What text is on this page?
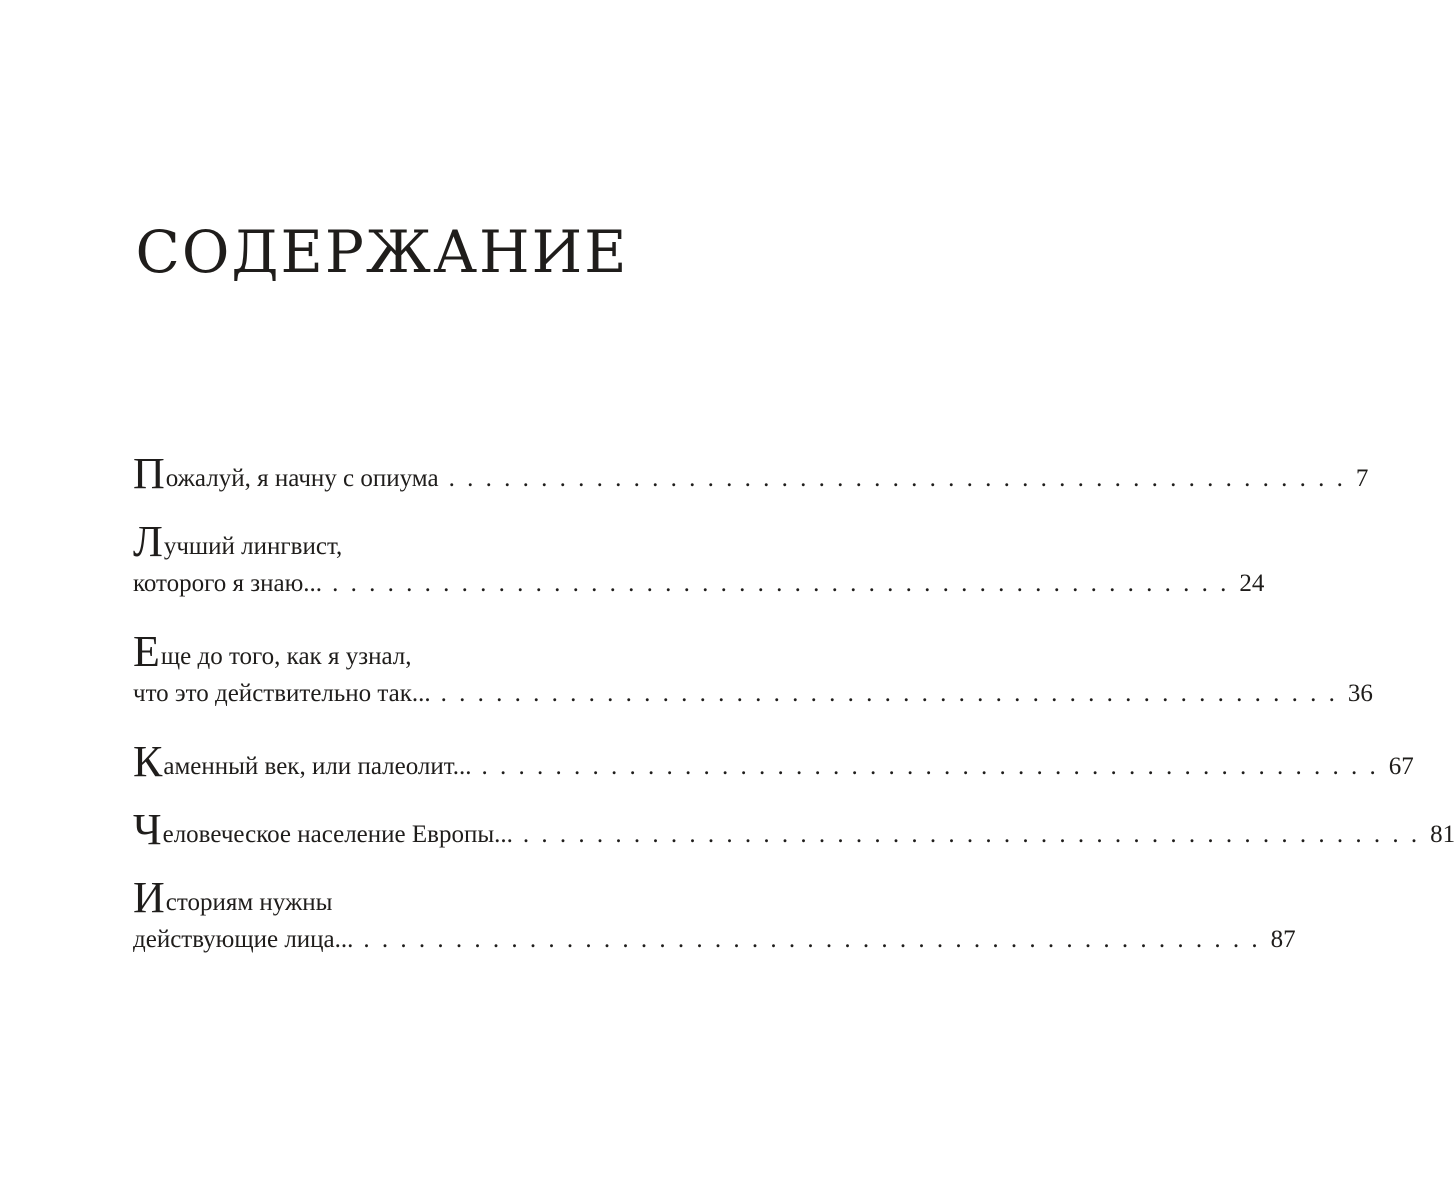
СОДЕРЖАНИЕ
Пожалуй, я начну с опиума . . . . . . . . . . . . . . . . . . . . . . . . . . . . . . . . . . . . . . . . . . . . . . . . . 7
Лучший лингвист,
которого я знаю... . . . . . . . . . . . . . . . . . . . . . . . . . . . . . . . . . . . . . . . . . . . . . . . . . 24
Еще до того, как я узнал,
что это действительно так... . . . . . . . . . . . . . . . . . . . . . . . . . . . . . . . . . . . . . . . . . . . . . . . . . 36
Каменный век, или палеолит... . . . . . . . . . . . . . . . . . . . . . . . . . . . . . . . . . . . . . . . . . . . . . . . . . 67
Человеческое население Европы... . . . . . . . . . . . . . . . . . . . . . . . . . . . . . . . . . . . . . . . . . . . . . . . . . 81
Историям нужны
действующие лица... . . . . . . . . . . . . . . . . . . . . . . . . . . . . . . . . . . . . . . . . . . . . . . . . . 87
